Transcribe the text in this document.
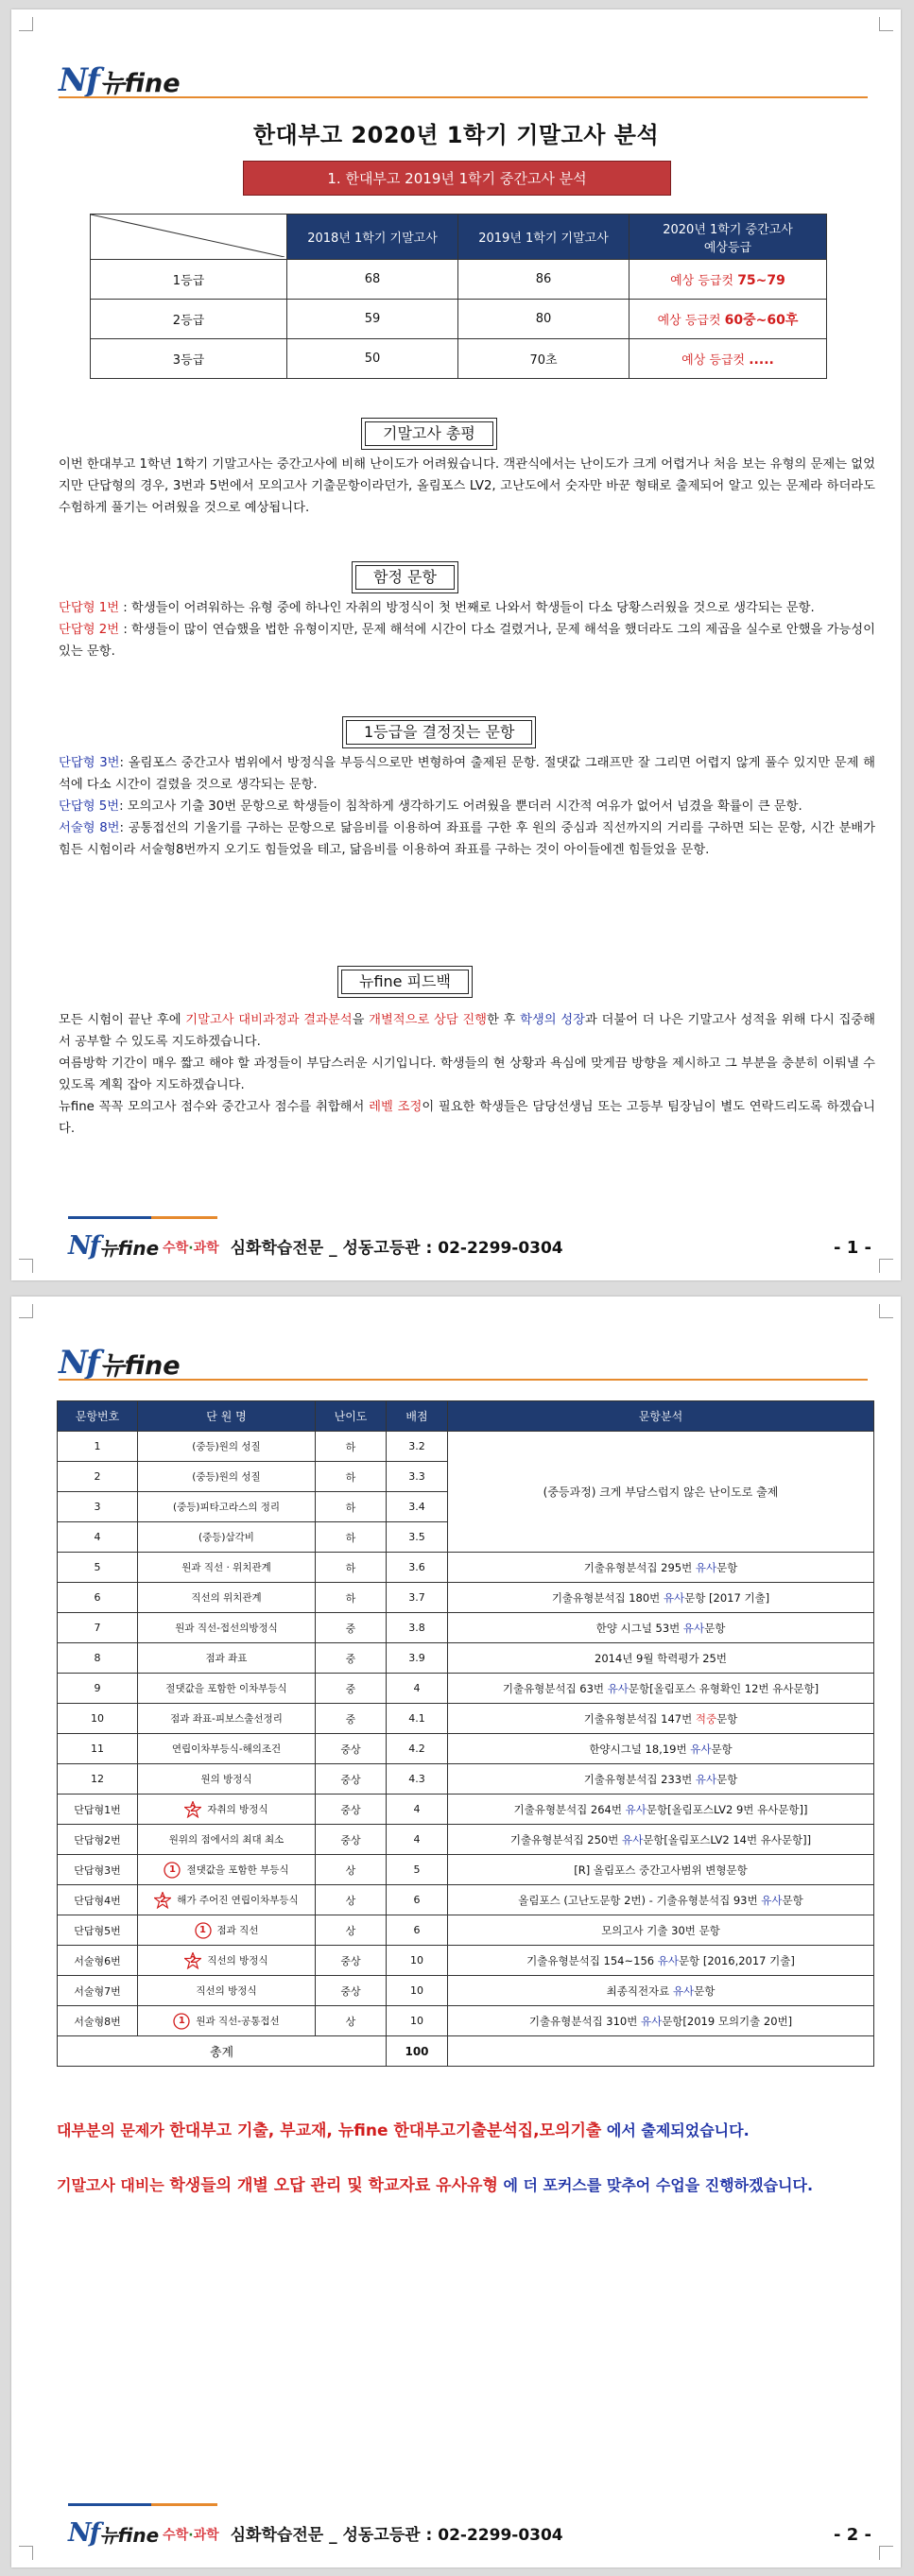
Nf 뉴fine
한대부고 2020년 1학기 기말고사 분석
1. 한대부고 2019년 1학기 중간고사 분석
	2018년 1학기 기말고사	2019년 1학기 기말고사	2020년 1학기 중간고사
예상등급
1등급	68	86	예상 등급컷 75~79
2등급	59	80	예상 등급컷 60중~60후
3등급	50	70초	예상 등급컷 .....
기말고사 총평

이번 한대부고 1학년 1학기 기말고사는 중간고사에 비해 난이도가 어려웠습니다. 객관식에서는 난이도가 크게 어렵거나 처음 보는 유형의 문제는 없었지만 단답형의 경우, 3번과 5번에서 모의고사 기출문항이라던가, 올림포스 LV2, 고난도에서 숫자만 바꾼 형태로 출제되어 알고 있는 문제라 하더라도 수험하게 풀기는 어려웠을 것으로 예상됩니다.

함정 문항

단답형 1번 : 학생들이 어려워하는 유형 중에 하나인 자취의 방정식이 첫 번째로 나와서 학생들이 다소 당황스러웠을 것으로 생각되는 문항.

단답형 2번 : 학생들이 많이 연습했을 법한 유형이지만, 문제 해석에 시간이 다소 걸렸거나, 문제 해석을 했더라도 그의 제곱을 실수로 안했을 가능성이 있는 문항.

1등급을 결정짓는 문항

단답형 3번: 올림포스 중간고사 범위에서 방정식을 부등식으로만 변형하여 출제된 문항. 절댓값 그래프만 잘 그리면 어렵지 않게 풀수 있지만 문제 해석에 다소 시간이 걸렸을 것으로 생각되는 문항.

단답형 5번: 모의고사 기출 30번 문항으로 학생들이 침착하게 생각하기도 어려웠을 뿐더러 시간적 여유가 없어서 넘겼을 확률이 큰 문항.

서술형 8번: 공통접선의 기울기를 구하는 문항으로 닮음비를 이용하여 좌표를 구한 후 원의 중심과 직선까지의 거리를 구하면 되는 문항, 시간 분배가 힘든 시험이라 서술형8번까지 오기도 힘들었을 테고, 닮음비를 이용하여 좌표를 구하는 것이 아이들에겐 힘들었을 문항.

뉴fine 피드백

모든 시험이 끝난 후에 기말고사 대비과정과 결과분석을 개별적으로 상담 진행한 후 학생의 성장과 더불어 더 나은 기말고사 성적을 위해 다시 집중해서 공부할 수 있도록 지도하겠습니다.

여름방학 기간이 매우 짧고 해야 할 과정들이 부담스러운 시기입니다. 학생들의 현 상황과 욕심에 맞게끔 방향을 제시하고 그 부분을 충분히 이뤄낼 수 있도록 계획 잡아 지도하겠습니다.

뉴fine 꼭꼭 모의고사 점수와 중간고사 점수를 취합해서 레벨 조정이 필요한 학생들은 담당선생님 또는 고등부 팀장님이 별도 연락드리도록 하겠습니다.

Nf 뉴fine 수학·과학 심화학습전문 _ 성동고등관 : 02-2299-0304	- 1 -
Nf 뉴fine
문항번호	단 원 명	난이도	배점	문항분석
1	(중등)원의 성질	하	3.2	(중등과정) 크게 부담스럽지 않은 난이도로 출제
2	(중등)원의 성질	하	3.3	
3	(중등)피타고라스의 정리	하	3.4	
4	(중등)삼각비	하	3.5	
5	원과 직선 · 위치관계	하	3.6	기출유형분석집 295번 유사문항
6	직선의 위치관계	하	3.7	기출유형분석집 180번 유사문항 [2017 기출]
7	원과 직선-접선의방정식	중	3.8	한양 시그널 53번 유사문항
8	점과 좌표	중	3.9	2014년 9월 학력평가 25번
9	절댓값을 포함한 이차부등식	중	4	기출유형분석집 63번 유사문항[올림포스 유형확인 12번 유사문항]
10	점과 좌표-피보스출선정리	중	4.1	기출유형분석집 147번 적중문항
11	연립이차부등식-해의조건	중상	4.2	한양시그널 18,19번 유사문항
12	원의 방정식	중상	4.3	기출유형분석집 233번 유사문항
단답형1번	2 자취의 방정식	중상	4	기출유형분석집 264번 유사문항[올림포스LV2 9번 유사문항]]
단답형2번	원위의 점에서의 최대 최소	중상	4	기출유형분석집 250번 유사문항[올림포스LV2 14번 유사문항]]
단답형3번	1 절댓값을 포함한 부등식	상	5	[R] 올림포스 중간고사범위 변형문항
단답형4번	2 해가 주어진 연립이차부등식	상	6	올림포스 (고난도문항 2번) - 기출유형분석집 93번 유사문항
단답형5번	1 점과 직선	상	6	모의고사 기출 30번 문항
서술형6번	2 직선의 방정식	중상	10	기출유형분석집 154~156 유사문항 [2016,2017 기출]
서술형7번	직선의 방정식	중상	10	최종직전자료 유사문항
서술형8번	1 원과 직선-공통접선	상	10	기출유형분석집 310번 유사문항[2019 모의기출 20번]
총계			100	
대부분의 문제가 한대부고 기출, 부교재, 뉴fine 한대부고기출분석집,모의기출 에서 출제되었습니다.
기말고사 대비는 학생들의 개별 오답 관리 및 학교자료 유사유형 에 더 포커스를 맞추어 수업을 진행하겠습니다.
Nf 뉴fine 수학·과학 심화학습전문 _ 성동고등관 : 02-2299-0304	- 2 -
